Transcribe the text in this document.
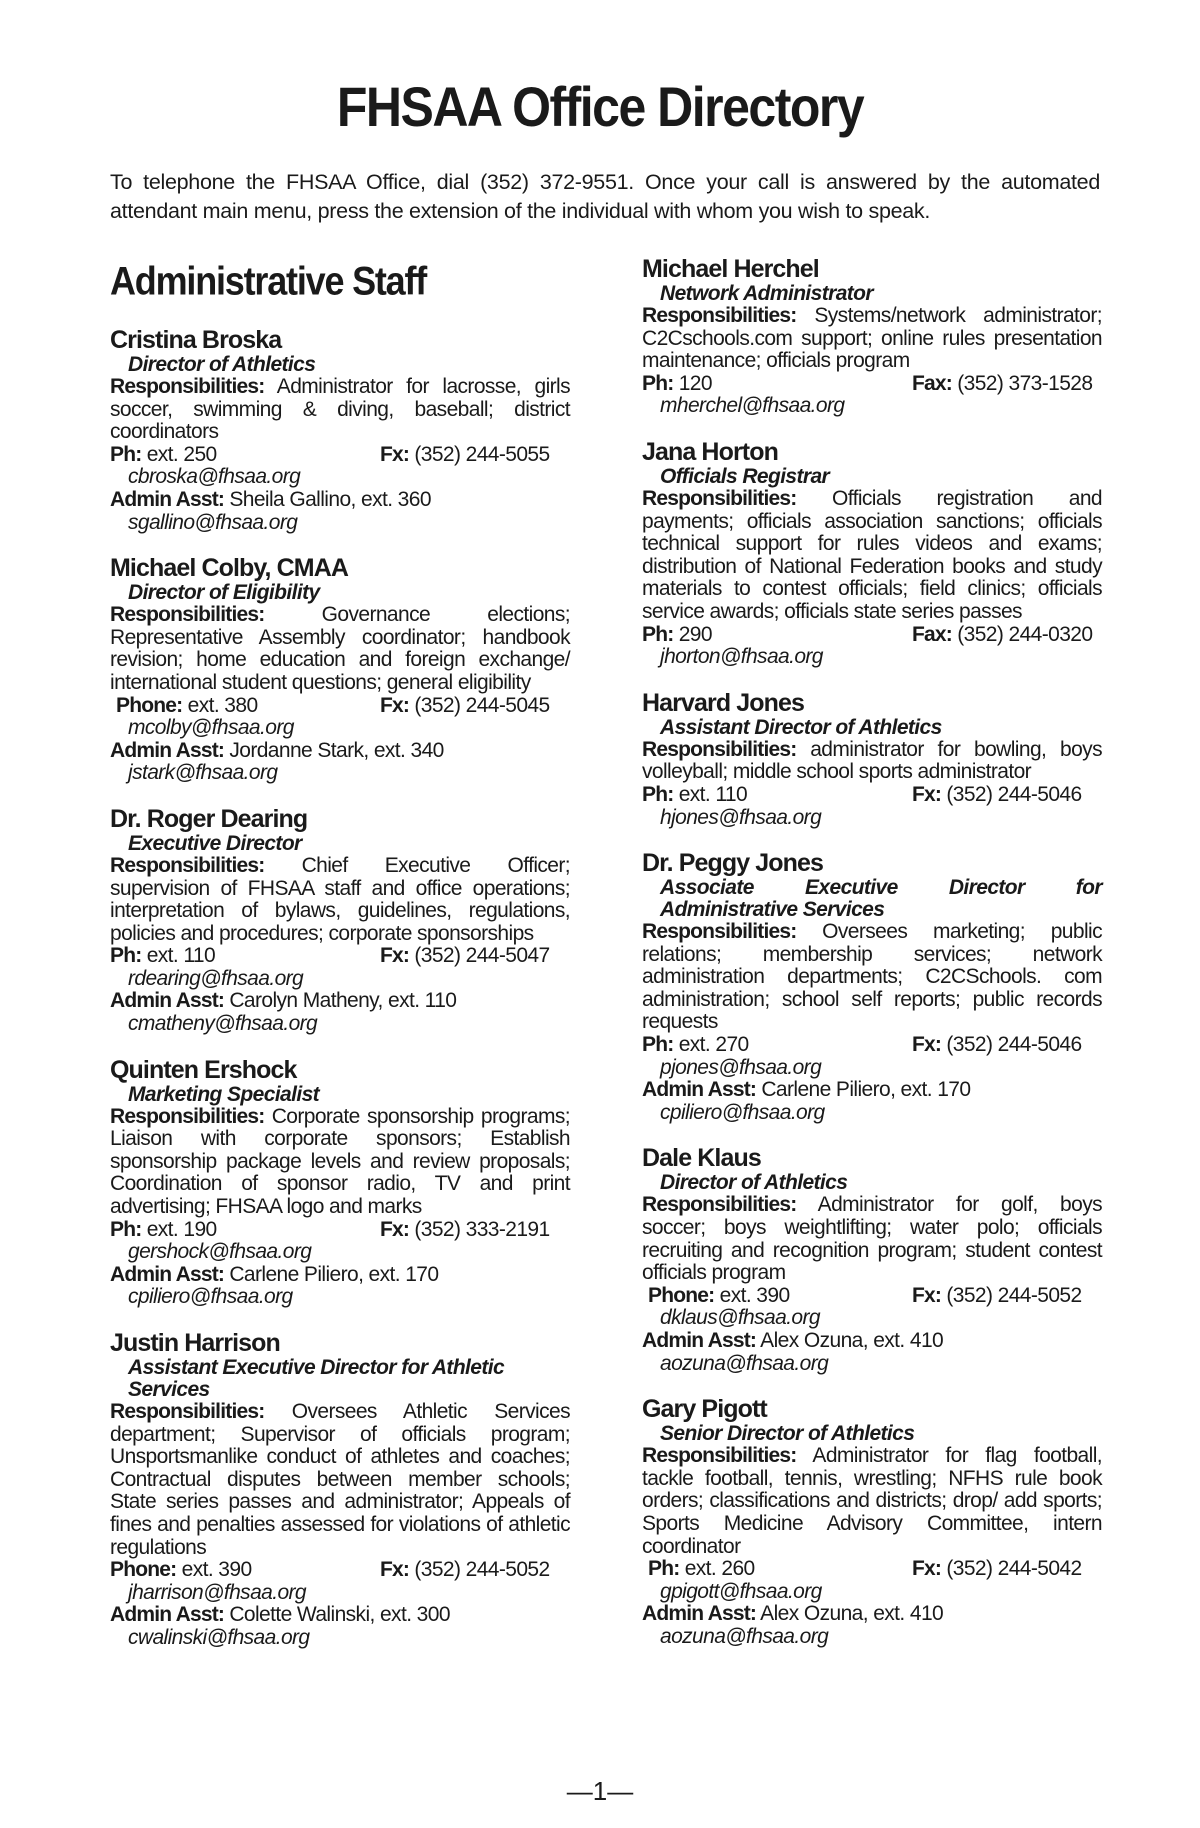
FHSAA Office Directory
To telephone the FHSAA Office, dial (352) 372-9551. Once your call is answered by the automated attendant main menu, press the extension of the individual with whom you wish to speak.
Administrative Staff
Cristina Broska
Director of Athletics
Responsibilities: Administrator for lacrosse, girls soccer, swimming & diving, baseball; district coordinators
Ph: ext. 250	Fx: (352) 244-5055
cbroska@fhsaa.org
Admin Asst: Sheila Gallino, ext. 360
sgallino@fhsaa.org
Michael Colby, CMAA
Director of Eligibility
Responsibilities:	Governance elections; Representative Assembly coordinator; handbook revision; home education and foreign exchange/ international student questions; general eligibility
Phone: ext. 380	Fx: (352) 244-5045
mcolby@fhsaa.org
Admin Asst: Jordanne Stark, ext. 340
jstark@fhsaa.org
Dr. Roger Dearing
Executive Director
Responsibilities: Chief Executive Officer; supervision of FHSAA staff and office operations; interpretation of bylaws, guidelines, regulations, policies and procedures; corporate sponsorships
Ph: ext. 110	Fx: (352) 244-5047
rdearing@fhsaa.org
Admin Asst: Carolyn Matheny, ext. 110
cmatheny@fhsaa.org
Quinten Ershock
Marketing Specialist
Responsibilities: Corporate sponsorship programs; Liaison with corporate sponsors; Establish sponsorship package levels and review proposals; Coordination of sponsor radio, TV and print advertising; FHSAA logo and marks
Ph: ext. 190	Fx: (352) 333-2191
gershock@fhsaa.org
Admin Asst: Carlene Piliero, ext. 170
cpiliero@fhsaa.org
Justin Harrison
Assistant Executive Director for Athletic Services
Responsibilities: Oversees Athletic Services department; Supervisor of officials program; Unsportsmanlike conduct of athletes and coaches; Contractual disputes between member schools; State series passes and administrator; Appeals of fines and penalties assessed for violations of athletic regulations
Phone: ext. 390	Fx: (352) 244-5052
jharrison@fhsaa.org
Admin Asst: Colette Walinski, ext. 300
cwalinski@fhsaa.org
Michael Herchel
Network Administrator
Responsibilities: Systems/network administrator; C2Cschools.com support; online rules presentation maintenance; officials program
Ph: 120	Fax: (352) 373-1528
mherchel@fhsaa.org
Jana Horton
Officials Registrar
Responsibilities: Officials registration and payments; officials association sanctions; officials technical support for rules videos and exams; distribution of National Federation books and study materials to contest officials; field clinics; officials service awards; officials state series passes
Ph: 290	Fax: (352) 244-0320
jhorton@fhsaa.org
Harvard Jones
Assistant Director of Athletics
Responsibilities: administrator for bowling, boys volleyball; middle school sports administrator
Ph: ext. 110	Fx: (352) 244-5046
hjones@fhsaa.org
Dr. Peggy Jones
Associate Executive Director for Administrative Services
Responsibilities: Oversees marketing; public relations; membership services; network administration departments; C2CSchools. com administration; school self reports; public records requests
Ph: ext. 270	Fx: (352) 244-5046
pjones@fhsaa.org
Admin Asst: Carlene Piliero, ext. 170
cpiliero@fhsaa.org
Dale Klaus
Director of Athletics
Responsibilities: Administrator for golf, boys soccer; boys weightlifting; water polo; officials recruiting and recognition program; student contest officials program
Phone: ext. 390	Fx: (352) 244-5052
dklaus@fhsaa.org
Admin Asst: Alex Ozuna, ext. 410
aozuna@fhsaa.org
Gary Pigott
Senior Director of Athletics
Responsibilities: Administrator for flag football, tackle football, tennis, wrestling; NFHS rule book orders; classifications and districts; drop/ add sports; Sports Medicine Advisory Committee, intern coordinator
Ph: ext. 260	Fx: (352) 244-5042
gpigott@fhsaa.org
Admin Asst: Alex Ozuna, ext. 410
aozuna@fhsaa.org
—1—
